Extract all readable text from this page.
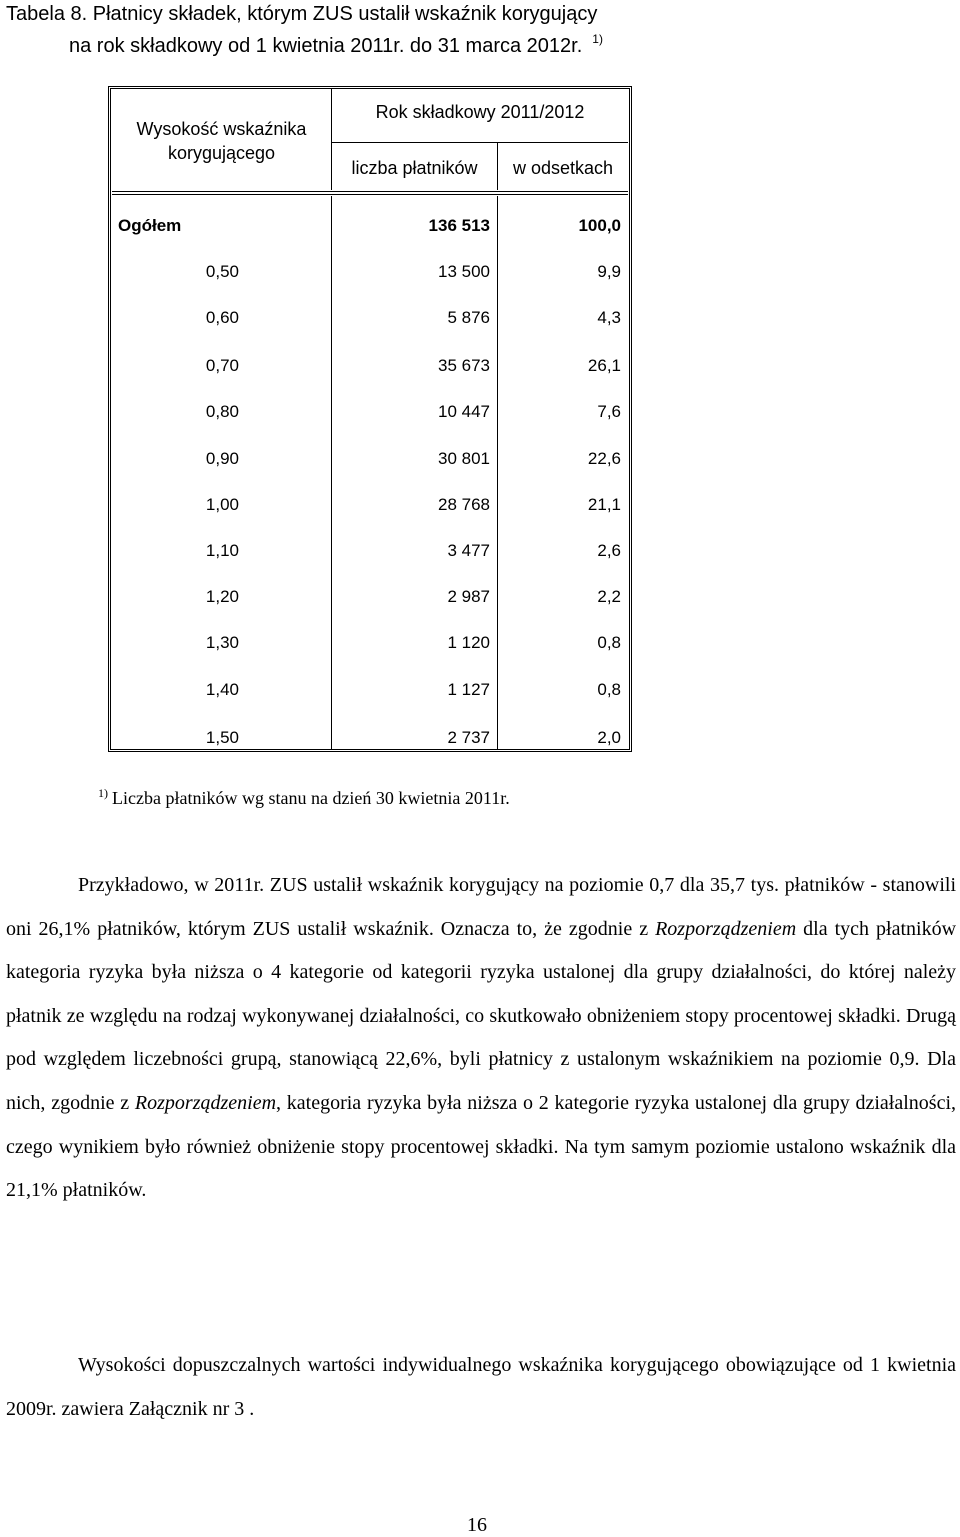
Tabela 8. Płatnicy składek, którym ZUS ustalił wskaźnik korygujący
na rok składkowy od 1 kwietnia 2011r. do 31 marca 2012r. $^{1)}$
Wysokość wskaźnika
korygującego
Rok składkowy 2011/2012
liczba płatników	w odsetkach
Ogółem	136 513	100,0
0,50	13 500	9,9
0,60	5 876	4,3
0,70	35 673	26,1
0,80	10 447	7,6
0,90	30 801	22,6
1,00	28 768	21,1
1,10	3 477	2,6
1,20	2 987	2,2
1,30	1 120	0,8
1,40	1 127	0,8
1,50	2 737	2,0
$^{1)}$ Liczba płatników wg stanu na dzień 30 kwietnia 2011r.

Przykładowo, w 2011r. ZUS ustalił wskaźnik korygujący na poziomie 0,7 dla 35,7 tys. płatników - stanowili oni 26,1% płatników, którym ZUS ustalił wskaźnik. Oznacza to, że zgodnie z Rozporządzeniem dla tych płatników kategoria ryzyka była niższa o 4 kategorie od kategorii ryzyka ustalonej dla grupy działalności, do której należy płatnik ze względu na rodzaj wykonywanej działalności, co skutkowało obniżeniem stopy procentowej składki. Drugą pod względem liczebności grupą, stanowiącą 22,6%, byli płatnicy z ustalonym wskaźnikiem na poziomie 0,9. Dla nich, zgodnie z Rozporządzeniem, kategoria ryzyka była niższa o 2 kategorie ryzyka ustalonej dla grupy działalności, czego wynikiem było również obniżenie stopy procentowej składki. Na tym samym poziomie ustalono wskaźnik dla 21,1% płatników.

Wysokości dopuszczalnych wartości indywidualnego wskaźnika korygującego obowiązujące od 1 kwietnia 2009r. zawiera Załącznik nr 3 .

16
